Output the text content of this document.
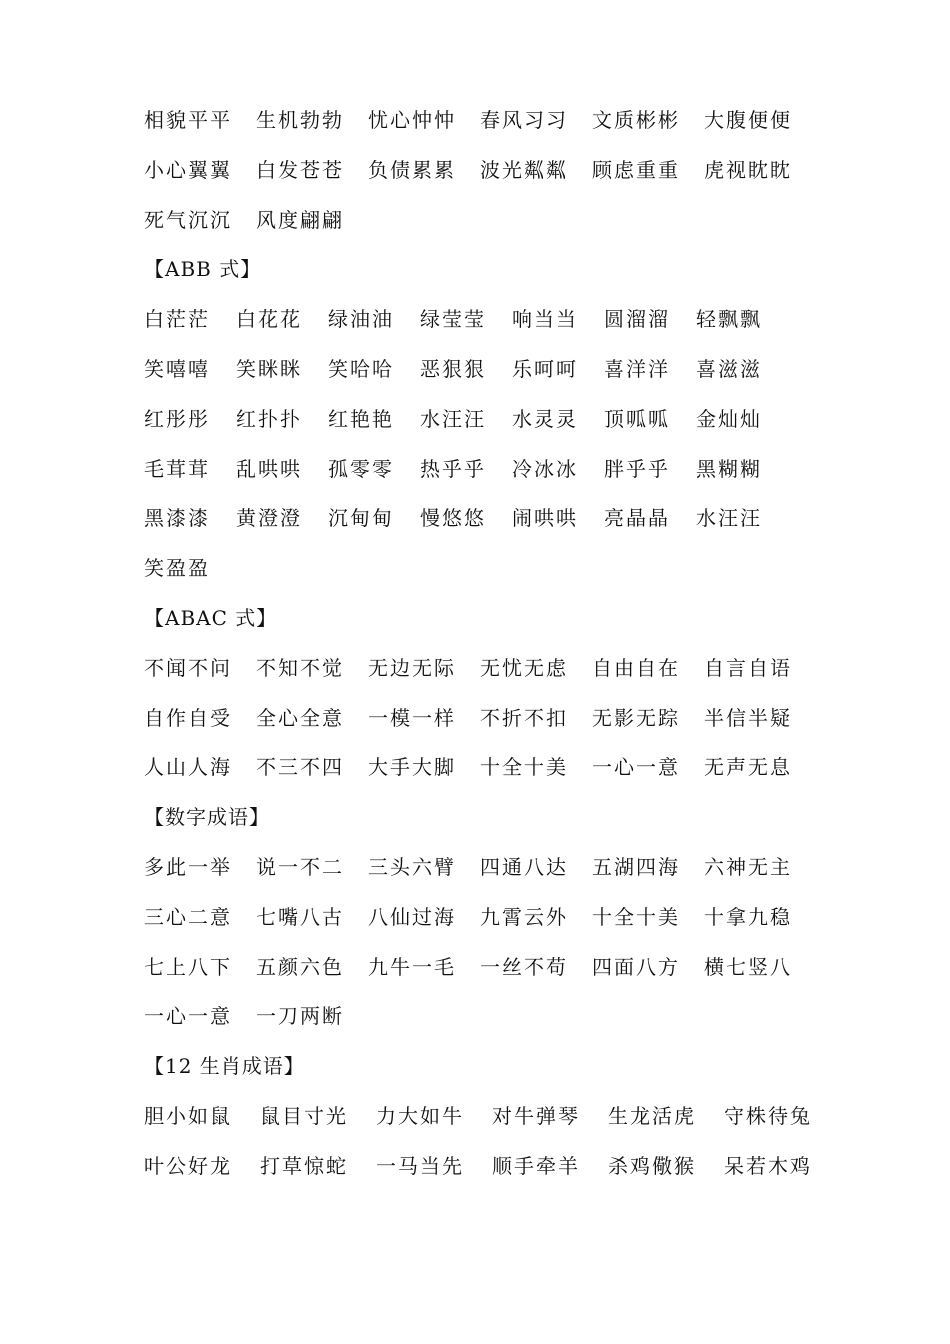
相貌平平 生机勃勃 忧心忡忡 春风习习 文质彬彬 大腹便便
小心翼翼 白发苍苍 负债累累 波光粼粼 顾虑重重 虎视眈眈
死气沉沉 风度翩翩
【ABB 式】
白茫茫 白花花 绿油油 绿莹莹 响当当 圆溜溜 轻飘飘
笑嘻嘻 笑眯眯 笑哈哈 恶狠狠 乐呵呵 喜洋洋 喜滋滋
红彤彤 红扑扑 红艳艳 水汪汪 水灵灵 顶呱呱 金灿灿
毛茸茸 乱哄哄 孤零零 热乎乎 冷冰冰 胖乎乎 黑糊糊
黑漆漆 黄澄澄 沉甸甸 慢悠悠 闹哄哄 亮晶晶 水汪汪
笑盈盈
【ABAC 式】
不闻不问 不知不觉 无边无际 无忧无虑 自由自在 自言自语
自作自受 全心全意 一模一样 不折不扣 无影无踪 半信半疑
人山人海 不三不四 大手大脚 十全十美 一心一意 无声无息
【数字成语】
多此一举 说一不二 三头六臂 四通八达 五湖四海 六神无主
三心二意 七嘴八古 八仙过海 九霄云外 十全十美 十拿九稳
七上八下 五颜六色 九牛一毛 一丝不苟 四面八方 横七竖八
一心一意 一刀两断
【12 生肖成语】
胆小如鼠 鼠目寸光 力大如牛 对牛弹琴 生龙活虎 守株待兔
叶公好龙 打草惊蛇 一马当先 顺手牵羊 杀鸡儆猴 呆若木鸡
